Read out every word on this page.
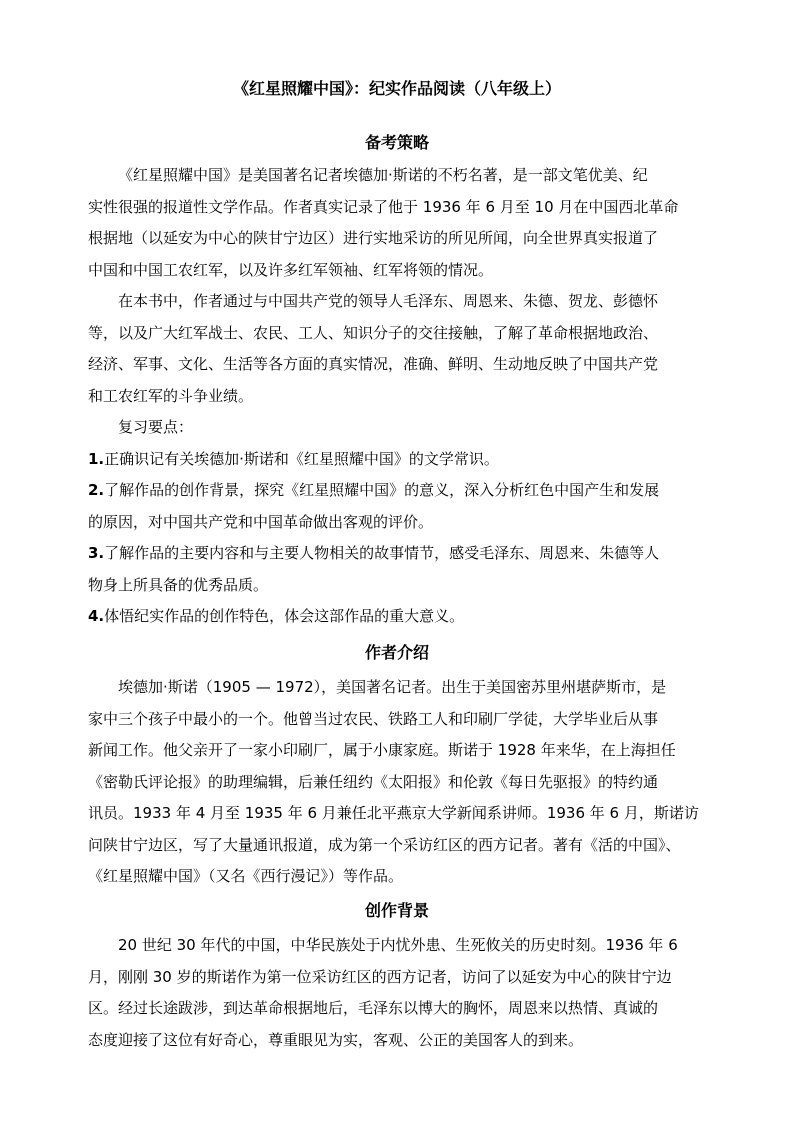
《红星照耀中国》：纪实作品阅读（八年级上）
备考策略
《红星照耀中国》是美国著名记者埃德加·斯诺的不朽名著，是一部文笔优美、纪
实性很强的报道性文学作品。作者真实记录了他于 1936 年 6 月至 10 月在中国西北革命
根据地（以延安为中心的陕甘宁边区）进行实地采访的所见所闻，向全世界真实报道了
中国和中国工农红军，以及许多红军领袖、红军将领的情况。
在本书中，作者通过与中国共产党的领导人毛泽东、周恩来、朱德、贺龙、彭德怀
等，以及广大红军战士、农民、工人、知识分子的交往接触，了解了革命根据地政治、
经济、军事、文化、生活等各方面的真实情况，准确、鲜明、生动地反映了中国共产党
和工农红军的斗争业绩。
复习要点：
1.正确识记有关埃德加·斯诺和《红星照耀中国》的文学常识。
2.了解作品的创作背景，探究《红星照耀中国》的意义，深入分析红色中国产生和发展
的原因，对中国共产党和中国革命做出客观的评价。
3.了解作品的主要内容和与主要人物相关的故事情节，感受毛泽东、周恩来、朱德等人
物身上所具备的优秀品质。
4.体悟纪实作品的创作特色，体会这部作品的重大意义。
作者介绍
埃德加·斯诺（1905 — 1972），美国著名记者。出生于美国密苏里州堪萨斯市，是
家中三个孩子中最小的一个。他曾当过农民、铁路工人和印刷厂学徒，大学毕业后从事
新闻工作。他父亲开了一家小印刷厂，属于小康家庭。斯诺于 1928 年来华，在上海担任
《密勒氏评论报》的助理编辑，后兼任纽约《太阳报》和伦敦《每日先驱报》的特约通
讯员。1933 年 4 月至 1935 年 6 月兼任北平燕京大学新闻系讲师。1936 年 6 月，斯诺访
问陕甘宁边区，写了大量通讯报道，成为第一个采访红区的西方记者。著有《活的中国》、
《红星照耀中国》（又名《西行漫记》）等作品。
创作背景
20 世纪 30 年代的中国，中华民族处于内忧外患、生死攸关的历史时刻。1936 年 6
月，刚刚 30 岁的斯诺作为第一位采访红区的西方记者，访问了以延安为中心的陕甘宁边
区。经过长途跋涉，到达革命根据地后，毛泽东以博大的胸怀，周恩来以热情、真诚的
态度迎接了这位有好奇心，尊重眼见为实，客观、公正的美国客人的到来。
